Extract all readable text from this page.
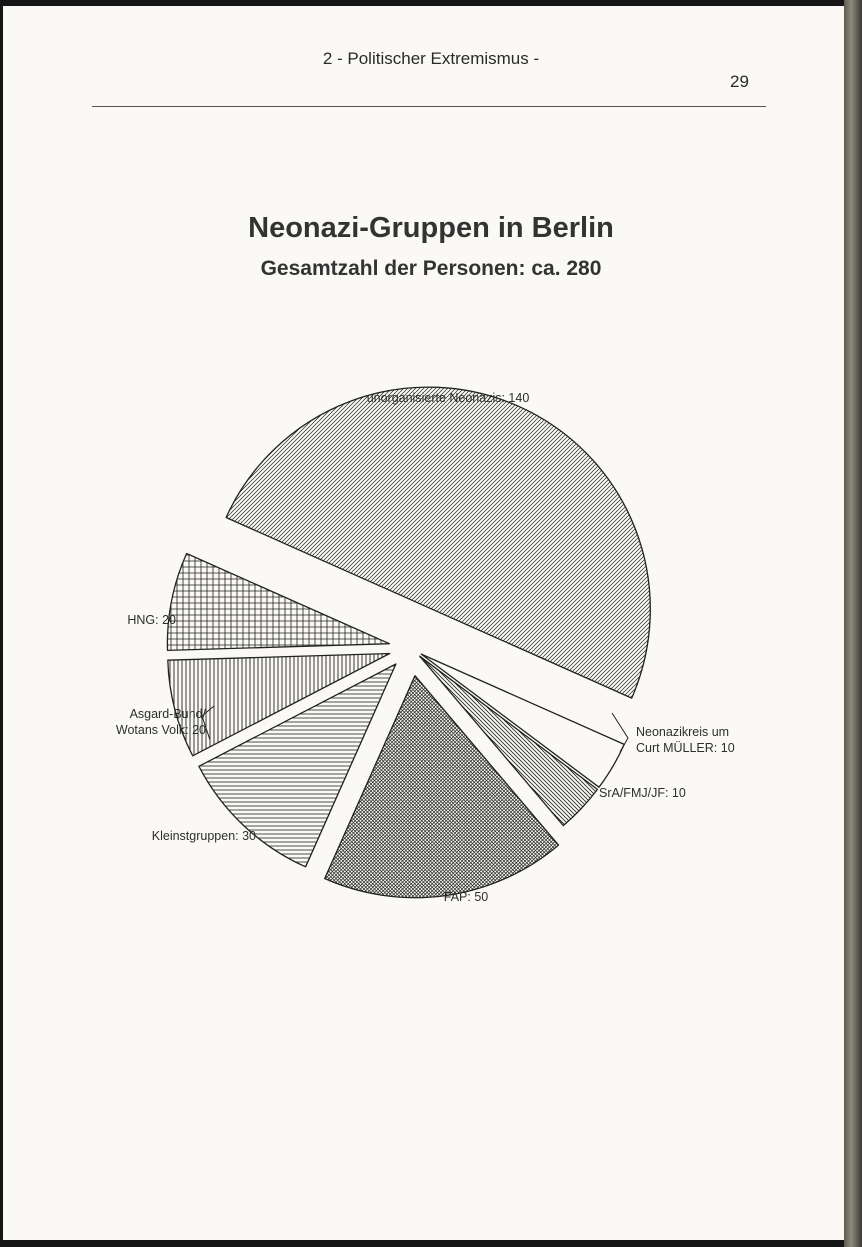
2 - Politischer Extremismus -
29
Neonazi-Gruppen in Berlin
Gesamtzahl der Personen: ca. 280
unorganisierte Neonazis: 140
Neonazikreis um Curt MÜLLER: 10
SrA/FMJ/JF: 10
FAP: 50
Kleinstgruppen: 30
Asgard-Bund/ Wotans Volk: 20
HNG: 20
